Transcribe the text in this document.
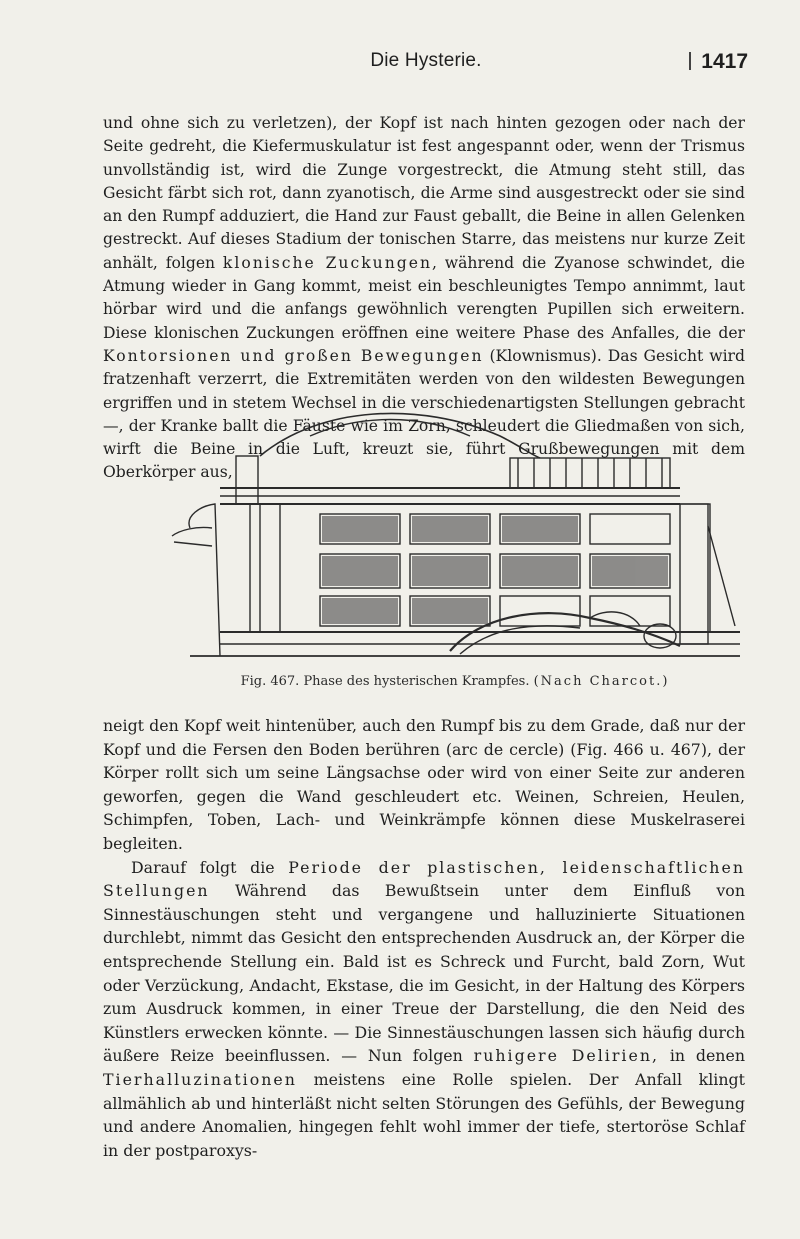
Die Hysterie.	1417

und ohne sich zu verletzen), der Kopf ist nach hinten gezogen oder nach der Seite gedreht, die Kiefermuskulatur ist fest angespannt oder, wenn der Trismus unvollständig ist, wird die Zunge vorgestreckt, die Atmung steht still, das Gesicht färbt sich rot, dann zyanotisch, die Arme sind ausgestreckt oder sie sind an den Rumpf adduziert, die Hand zur Faust geballt, die Beine in allen Gelenken gestreckt. Auf dieses Stadium der tonischen Starre, das meistens nur kurze Zeit anhält, folgen klonische Zuckungen, während die Zyanose schwindet, die Atmung wieder in Gang kommt, meist ein beschleunigtes Tempo annimmt, laut hörbar wird und die anfangs gewöhnlich verengten Pupillen sich erweitern. Diese klonischen Zuckungen eröffnen eine weitere Phase des Anfalles, die der Kontorsionen und großen Bewegungen (Klownismus). Das Gesicht wird fratzenhaft verzerrt, die Extremitäten werden von den wildesten Bewegungen ergriffen und in stetem Wechsel in die verschiedenartigsten Stellungen gebracht —, der Kranke ballt die Fäuste wie im Zorn, schleudert die Gliedmaßen von sich, wirft die Beine in die Luft, kreuzt sie, führt Grußbewegungen mit dem Oberkörper aus,

Fig. 467. Phase des hysterischen Krampfes. (Nach Charcot.)

neigt den Kopf weit hintenüber, auch den Rumpf bis zu dem Grade, daß nur der Kopf und die Fersen den Boden berühren (arc de cercle) (Fig. 466 u. 467), der Körper rollt sich um seine Längsachse oder wird von einer Seite zur anderen geworfen, gegen die Wand geschleudert etc. Weinen, Schreien, Heulen, Schimpfen, Toben, Lach- und Weinkrämpfe können diese Muskelraserei begleiten.

Darauf folgt die Periode der plastischen, leidenschaftlichen Stellungen Während das Bewußtsein unter dem Einfluß von Sinnestäuschungen steht und vergangene und halluzinierte Situationen durchlebt, nimmt das Gesicht den entsprechenden Ausdruck an, der Körper die entsprechende Stellung ein. Bald ist es Schreck und Furcht, bald Zorn, Wut oder Verzückung, Andacht, Ekstase, die im Gesicht, in der Haltung des Körpers zum Ausdruck kommen, in einer Treue der Darstellung, die den Neid des Künstlers erwecken könnte. — Die Sinnestäuschungen lassen sich häufig durch äußere Reize beeinflussen. — Nun folgen ruhigere Delirien, in denen Tierhalluzinationen meistens eine Rolle spielen. Der Anfall klingt allmählich ab und hinterläßt nicht selten Störungen des Gefühls, der Bewegung und andere Anomalien, hingegen fehlt wohl immer der tiefe, stertoröse Schlaf in der postparoxys-
